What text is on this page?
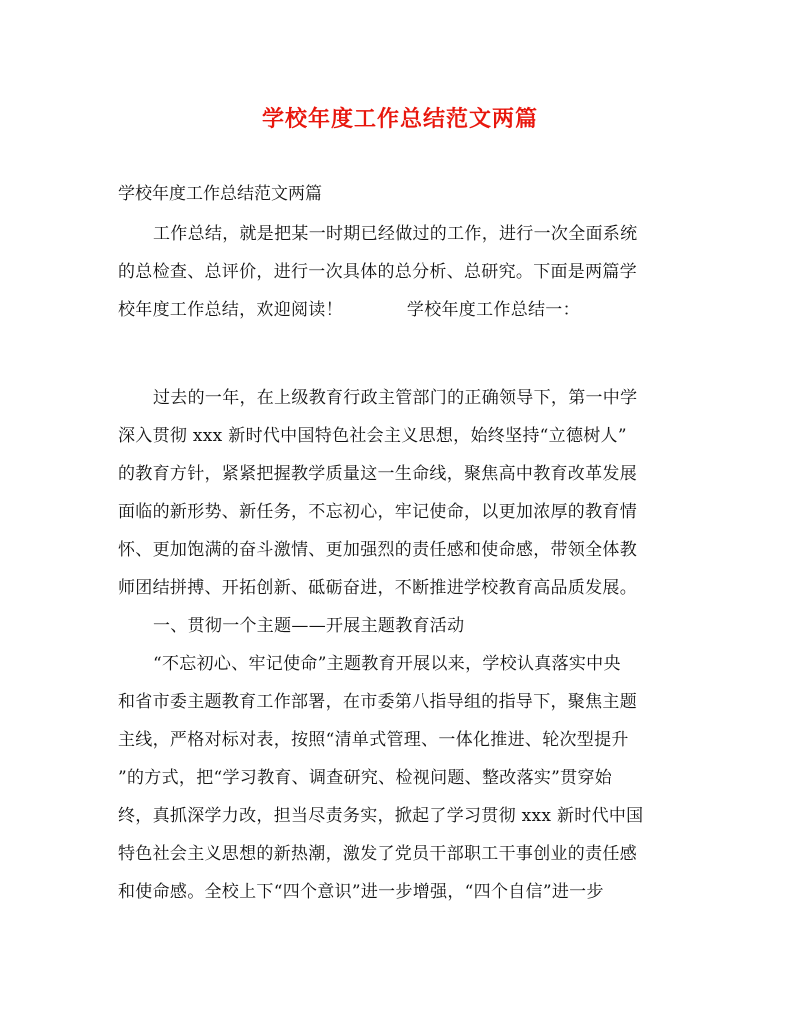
学校年度工作总结范文两篇
学校年度工作总结范文两篇
工作总结，就是把某一时期已经做过的工作，进行一次全面系统
的总检查、总评价，进行一次具体的总分析、总研究。下面是两篇学
校年度工作总结，欢迎阅读！	学校年度工作总结一：
过去的一年，在上级教育行政主管部门的正确领导下，第一中学
深入贯彻 xxx 新时代中国特色社会主义思想，始终坚持“立德树人”
的教育方针，紧紧把握教学质量这一生命线，聚焦高中教育改革发展
面临的新形势、新任务，不忘初心，牢记使命，以更加浓厚的教育情
怀、更加饱满的奋斗激情、更加强烈的责任感和使命感，带领全体教
师团结拼搏、开拓创新、砥砺奋进，不断推进学校教育高品质发展。
一、贯彻一个主题——开展主题教育活动
“不忘初心、牢记使命”主题教育开展以来，学校认真落实中央
和省市委主题教育工作部署，在市委第八指导组的指导下，聚焦主题
主线，严格对标对表，按照“清单式管理、一体化推进、轮次型提升
”的方式，把“学习教育、调查研究、检视问题、整改落实”贯穿始
终，真抓深学力改，担当尽责务实，掀起了学习贯彻 xxx 新时代中国
特色社会主义思想的新热潮，激发了党员干部职工干事创业的责任感
和使命感。全校上下“四个意识”进一步增强，“四个自信”进一步
